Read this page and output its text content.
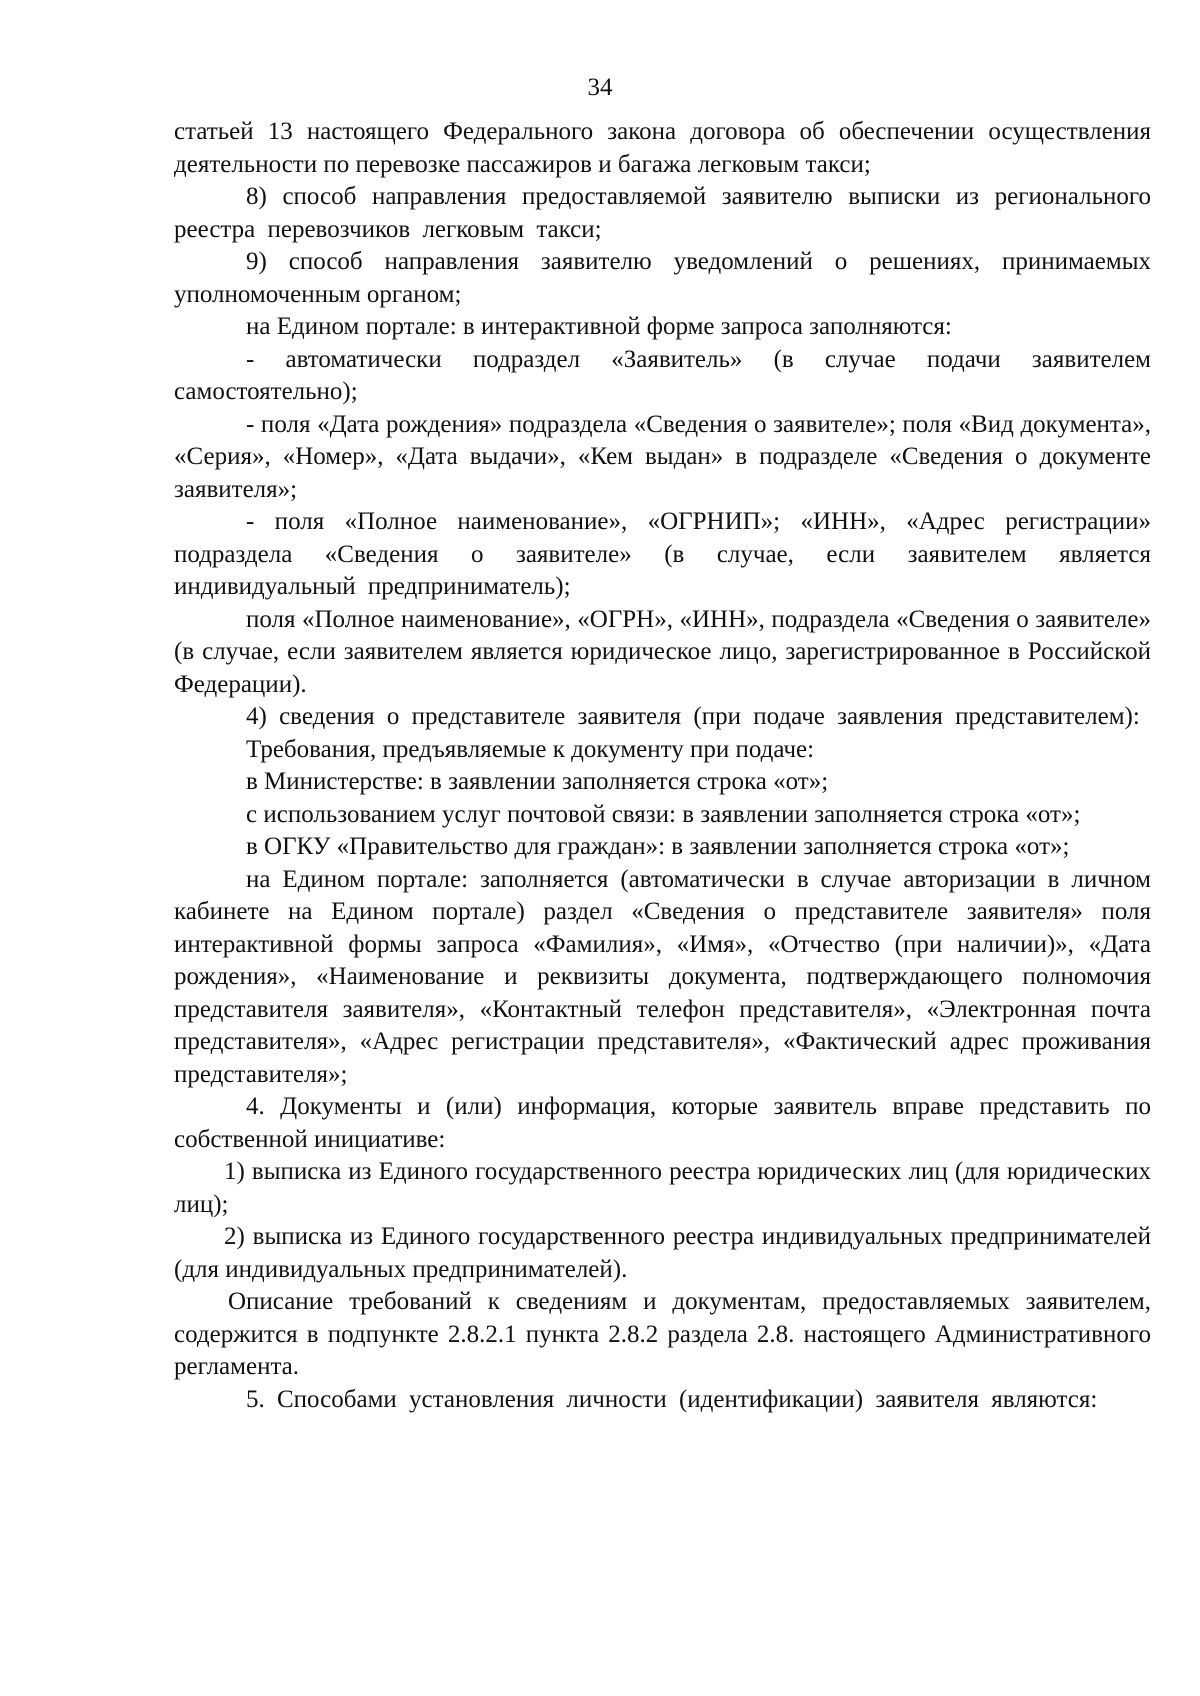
34

статьей 13 настоящего Федерального закона договора об обеспечении осуществления деятельности по перевозке пассажиров и багажа легковым такси;

8) способ направления предоставляемой заявителю выписки из регионального реестра перевозчиков легковым такси;

9) способ направления заявителю уведомлений о решениях, принимаемых уполномоченным органом;

на Едином портале: в интерактивной форме запроса заполняются:

- автоматически подраздел «Заявитель» (в случае подачи заявителем самостоятельно);

- поля «Дата рождения» подраздела «Сведения о заявителе»; поля «Вид документа», «Серия», «Номер», «Дата выдачи», «Кем выдан» в подразделе «Сведения о документе заявителя»;

- поля «Полное наименование», «ОГРНИП»; «ИНН», «Адрес регистрации» подраздела «Сведения о заявителе» (в случае, если заявителем является индивидуальный предприниматель);

поля «Полное наименование», «ОГРН», «ИНН», подраздела «Сведения о заявителе» (в случае, если заявителем является юридическое лицо, зарегистрированное в Российской Федерации).

4) сведения о представителе заявителя (при подаче заявления представителем):

Требования, предъявляемые к документу при подаче:

в Министерстве: в заявлении заполняется строка «от»;

с использованием услуг почтовой связи: в заявлении заполняется строка «от»;

в ОГКУ «Правительство для граждан»: в заявлении заполняется строка «от»;

на Едином портале: заполняется (автоматически в случае авторизации в личном кабинете на Едином портале) раздел «Сведения о представителе заявителя» поля интерактивной формы запроса «Фамилия», «Имя», «Отчество (при наличии)», «Дата рождения», «Наименование и реквизиты документа, подтверждающего полномочия представителя заявителя», «Контактный телефон представителя», «Электронная почта представителя», «Адрес регистрации представителя», «Фактический адрес проживания представителя»;

4. Документы и (или) информация, которые заявитель вправе представить по собственной инициативе:

1) выписка из Единого государственного реестра юридических лиц (для юридических лиц);

2) выписка из Единого государственного реестра индивидуальных предпринимателей (для индивидуальных предпринимателей).

Описание требований к сведениям и документам, предоставляемых заявителем, содержится в подпункте 2.8.2.1 пункта 2.8.2 раздела 2.8. настоящего Административного регламента.

5. Способами установления личности (идентификации) заявителя являются:
